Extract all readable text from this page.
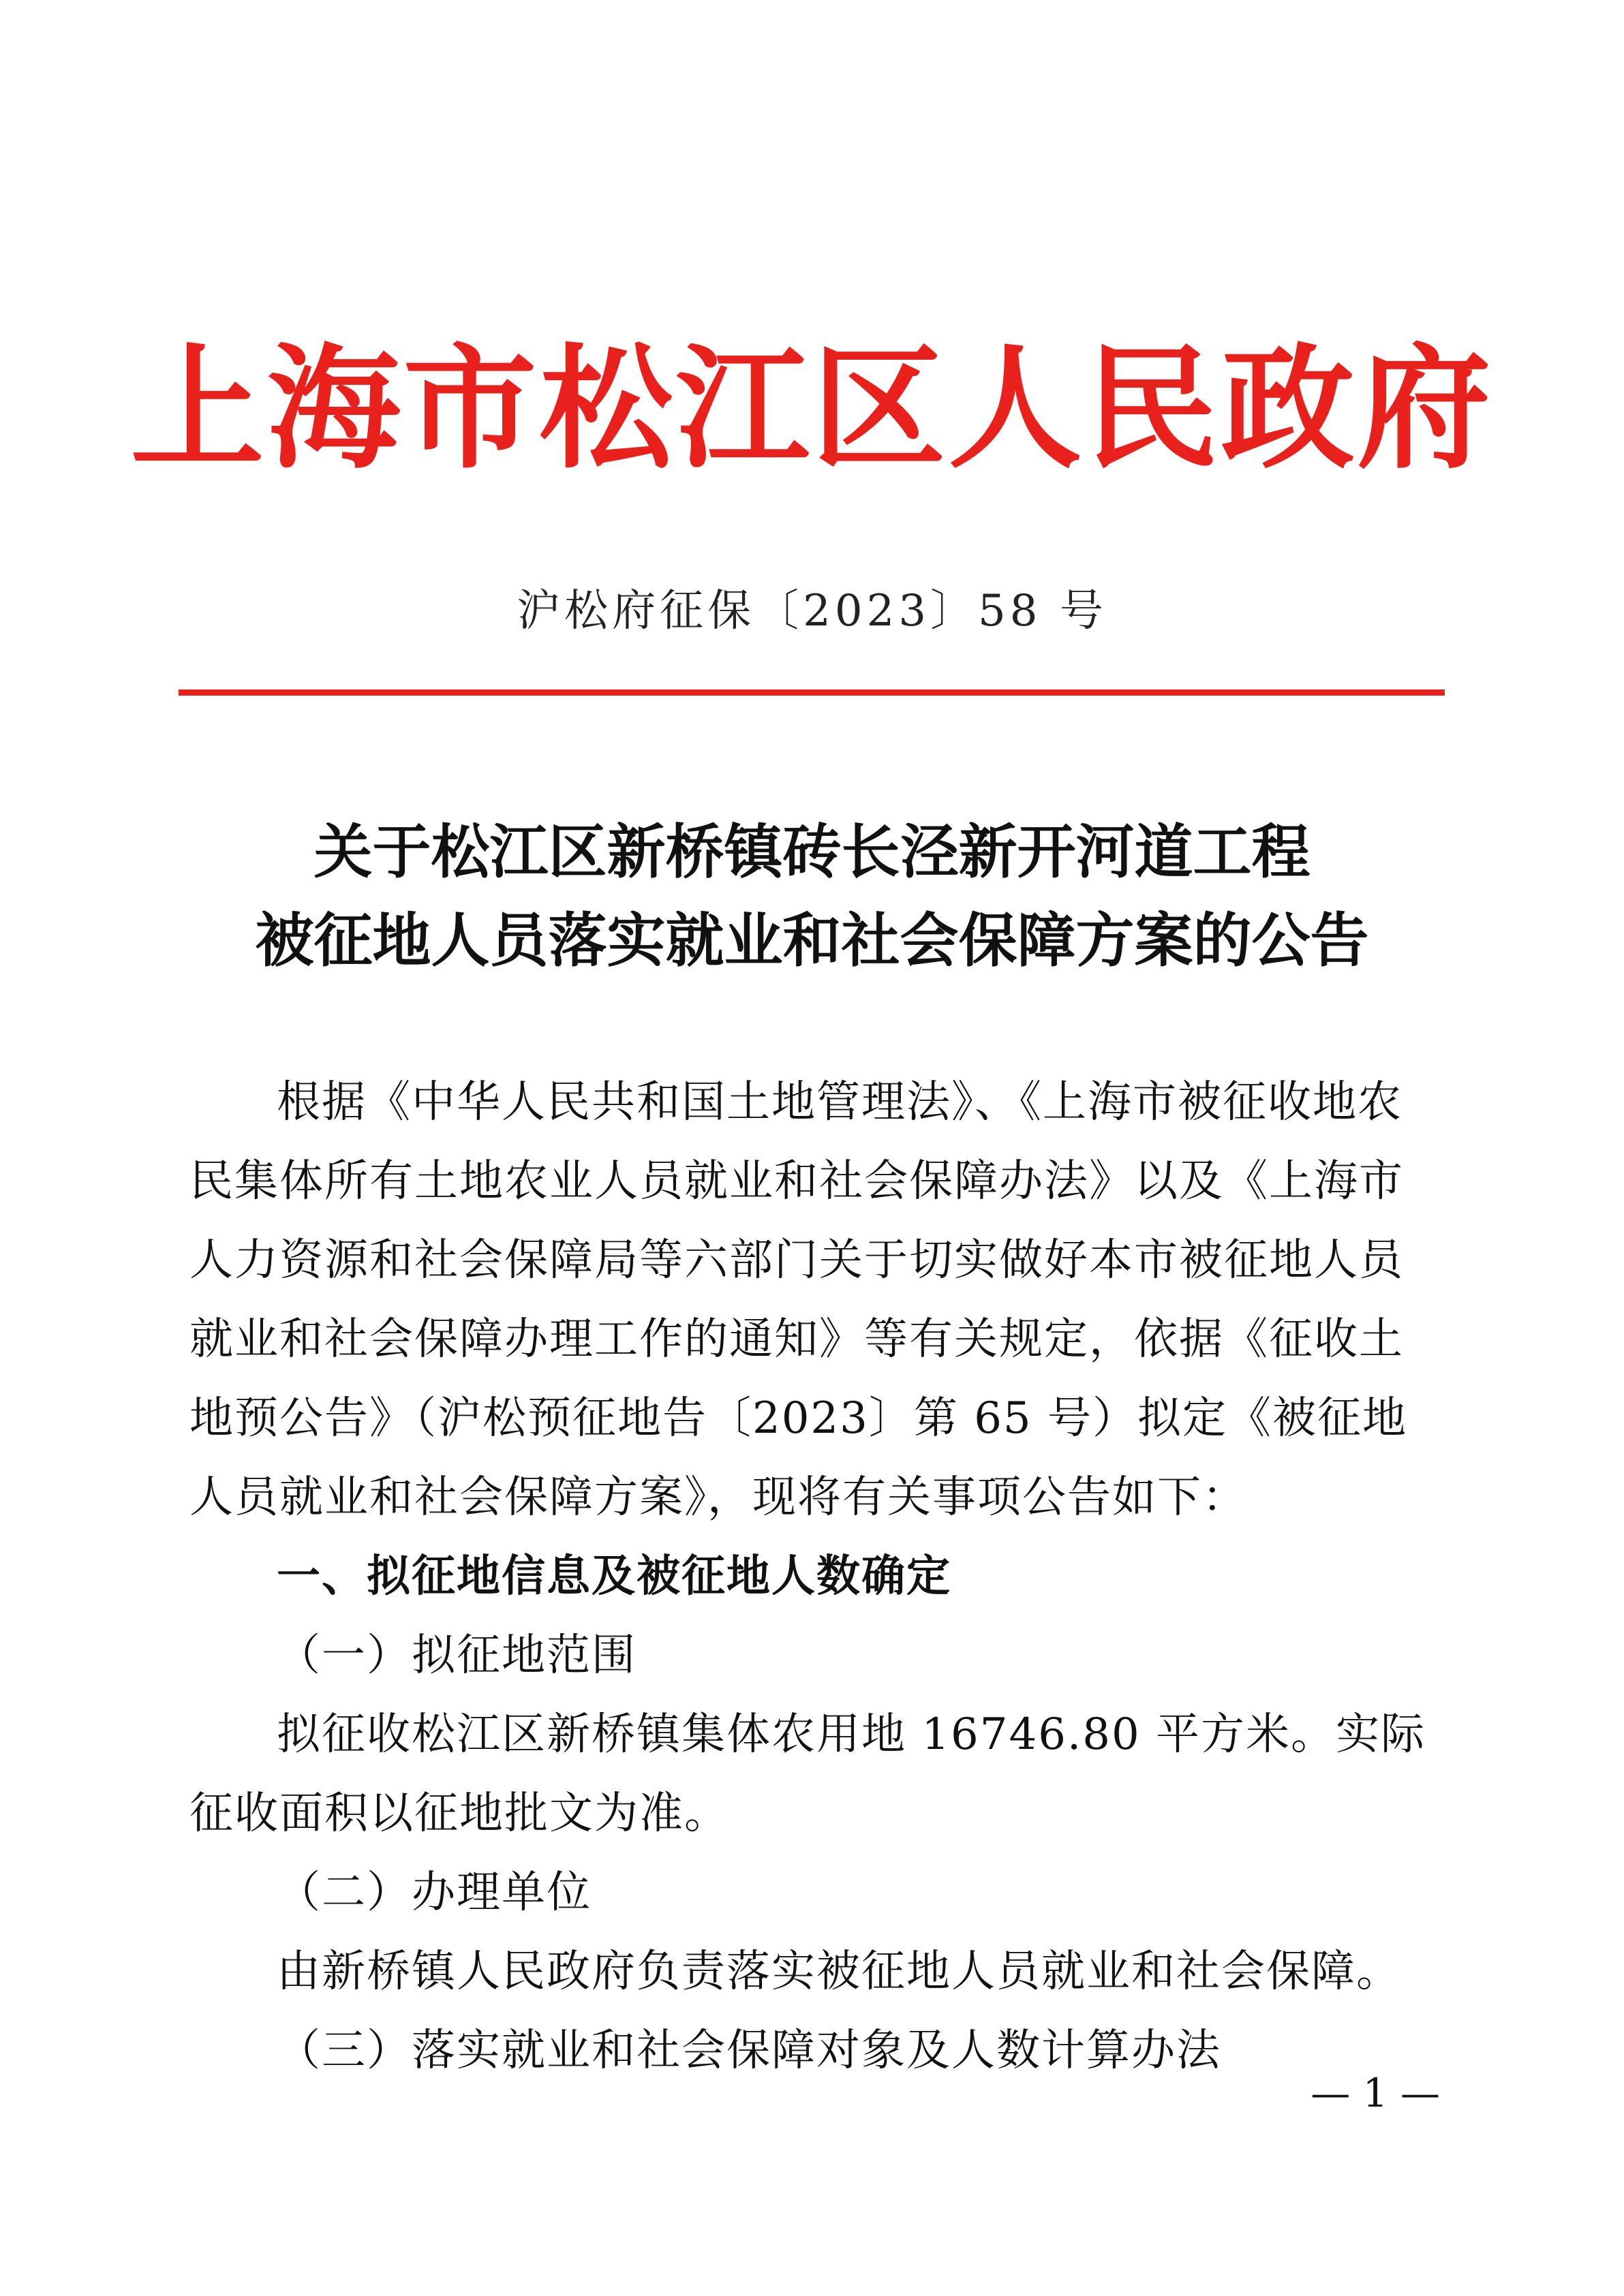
上海市松江区人民政府

沪松府征保〔2023〕58 号

关于松江区新桥镇砖长泾新开河道工程
被征地人员落实就业和社会保障方案的公告

根据《中华人民共和国土地管理法》、《上海市被征收地农民集体所有土地农业人员就业和社会保障办法》以及《上海市人力资源和社会保障局等六部门关于切实做好本市被征地人员就业和社会保障办理工作的通知》等有关规定，依据《征收土地预公告》（沪松预征地告〔2023〕第 65 号）拟定《被征地人员就业和社会保障方案》，现将有关事项公告如下：

一、拟征地信息及被征地人数确定

（一）拟征地范围

拟征收松江区新桥镇集体农用地 16746.80 平方米。实际征收面积以征地批文为准。

（二）办理单位

由新桥镇人民政府负责落实被征地人员就业和社会保障。

（三）落实就业和社会保障对象及人数计算办法

— 1 —
